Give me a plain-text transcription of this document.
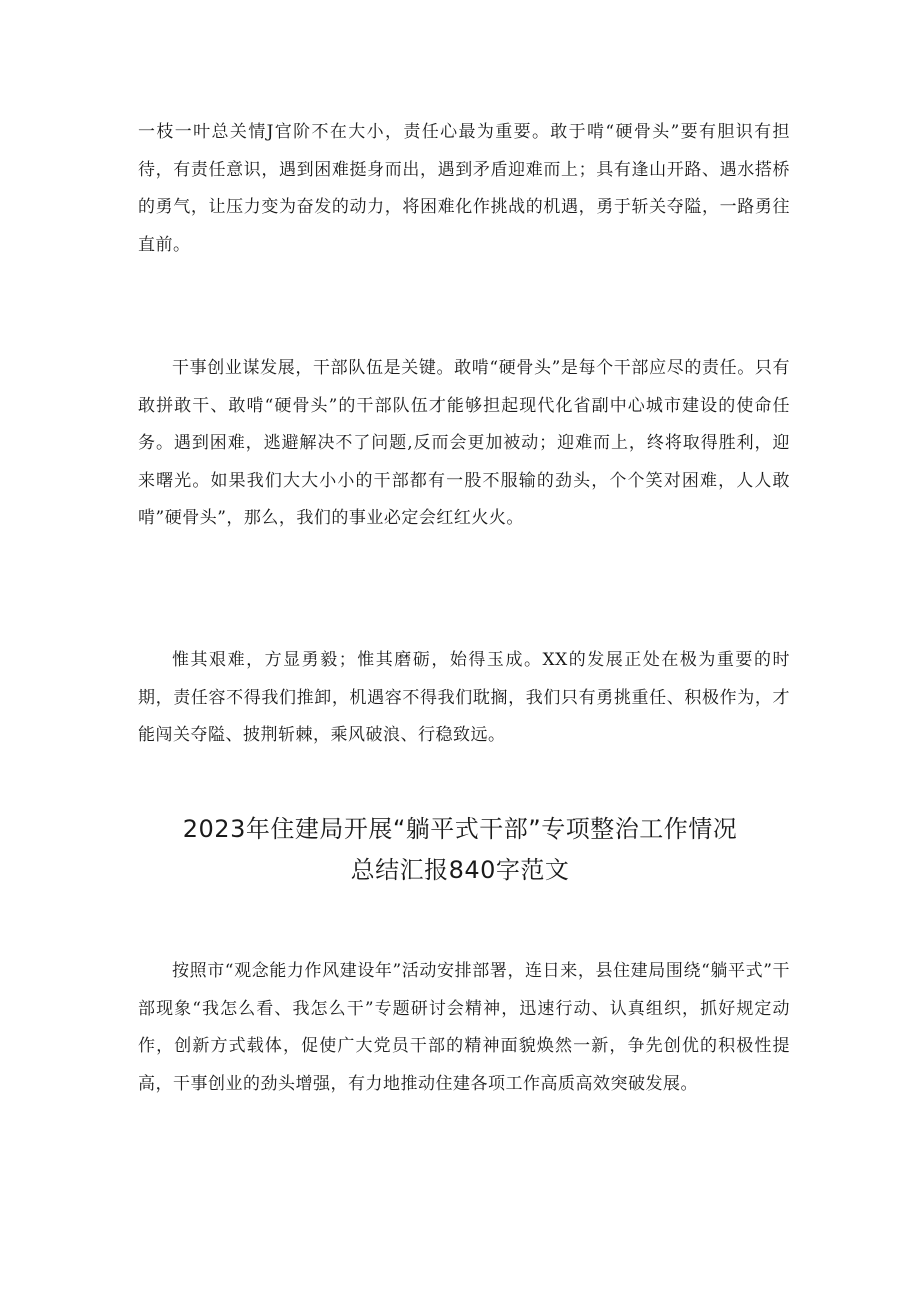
一枝一叶总关情J官阶不在大小，责任心最为重要。敢于啃“硬骨头”要有胆识有担待，有责任意识，遇到困难挺身而出，遇到矛盾迎难而上；具有逢山开路、遇水搭桥的勇气，让压力变为奋发的动力，将困难化作挑战的机遇，勇于斩关夺隘，一路勇往直前。

干事创业谋发展，干部队伍是关键。敢啃“硬骨头”是每个干部应尽的责任。只有敢拼敢干、敢啃“硬骨头”的干部队伍才能够担起现代化省副中心城市建设的使命任务。遇到困难，逃避解决不了问题,反而会更加被动；迎难而上，终将取得胜利，迎来曙光。如果我们大大小小的干部都有一股不服输的劲头，个个笑对困难，人人敢啃”硬骨头”，那么，我们的事业必定会红红火火。

惟其艰难，方显勇毅；惟其磨砺，始得玉成。XX的发展正处在极为重要的时期，责任容不得我们推卸，机遇容不得我们耽搁，我们只有勇挑重任、积极作为，才能闯关夺隘、披荆斩棘，乘风破浪、行稳致远。

2023年住建局开展“躺平式干部”专项整治工作情况
总结汇报840字范文

按照市“观念能力作风建设年”活动安排部署，连日来，县住建局围绕“躺平式”干部现象“我怎么看、我怎么干”专题研讨会精神，迅速行动、认真组织，抓好规定动作，创新方式载体，促使广大党员干部的精神面貌焕然一新，争先创优的积极性提高，干事创业的劲头增强，有力地推动住建各项工作高质高效突破发展。
